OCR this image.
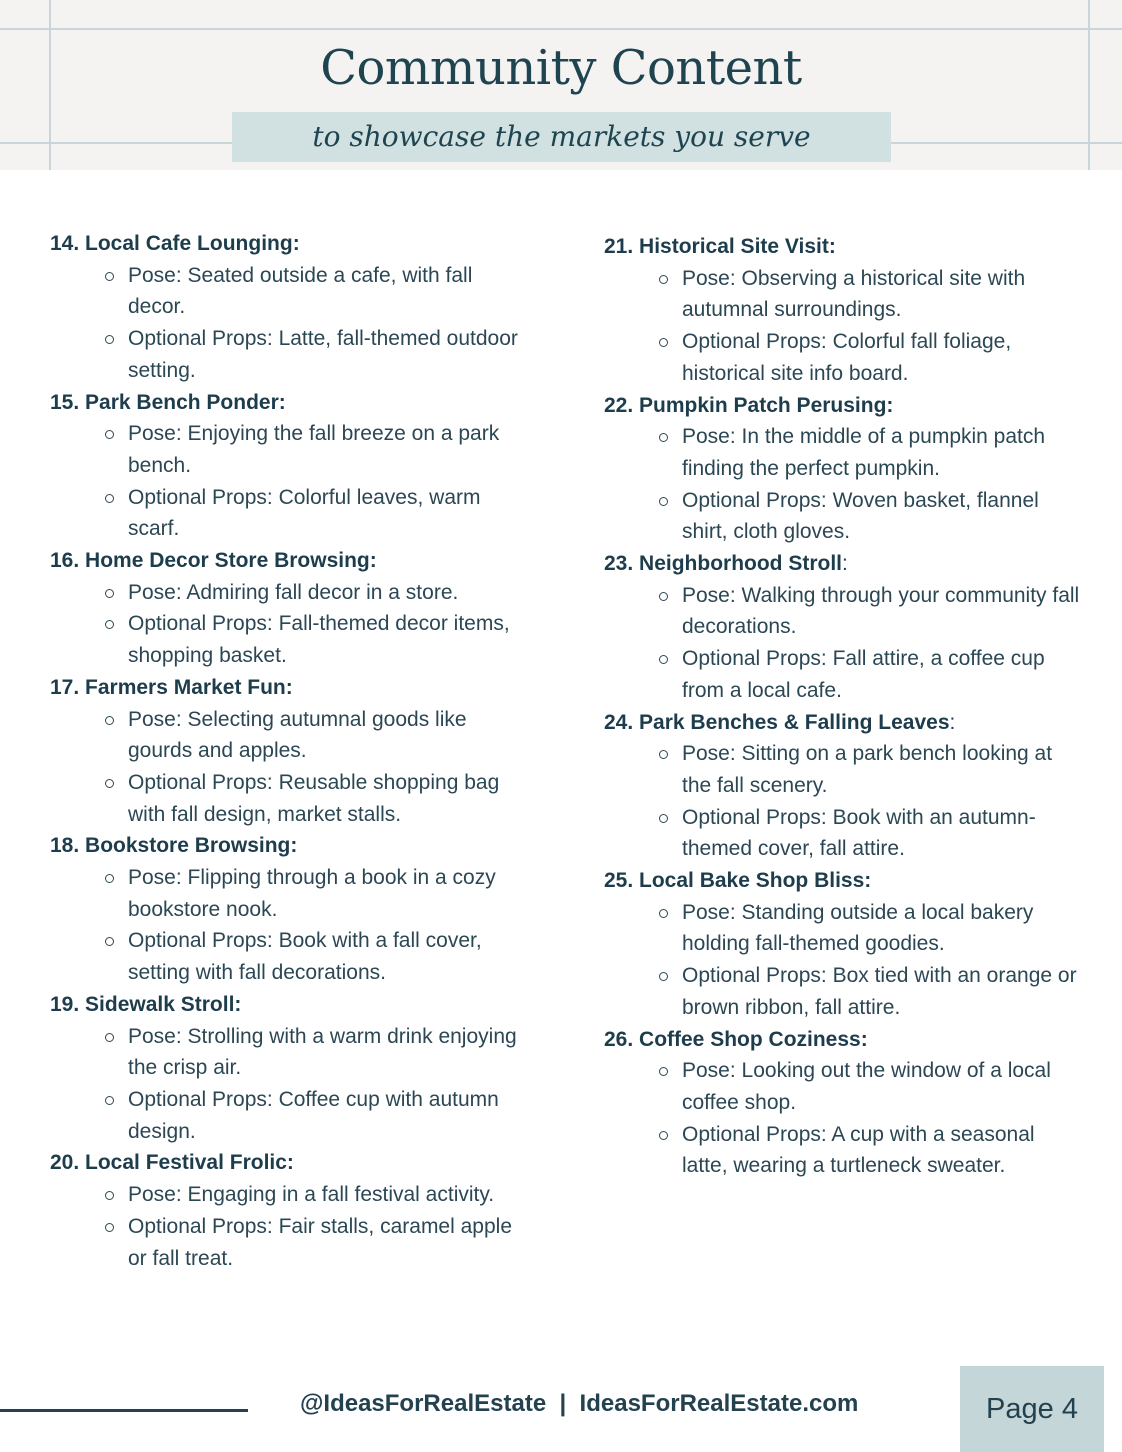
Community Content
to showcase the markets you serve
14. Local Cafe Lounging:
Pose: Seated outside a cafe, with fall decor.
Optional Props: Latte, fall-themed outdoor setting.
15. Park Bench Ponder:
Pose: Enjoying the fall breeze on a park bench.
Optional Props: Colorful leaves, warm scarf.
16. Home Decor Store Browsing:
Pose: Admiring fall decor in a store.
Optional Props: Fall-themed decor items, shopping basket.
17. Farmers Market Fun:
Pose: Selecting autumnal goods like gourds and apples.
Optional Props: Reusable shopping bag with fall design, market stalls.
18. Bookstore Browsing:
Pose: Flipping through a book in a cozy bookstore nook.
Optional Props: Book with a fall cover, setting with fall decorations.
19. Sidewalk Stroll:
Pose: Strolling with a warm drink enjoying the crisp air.
Optional Props: Coffee cup with autumn design.
20. Local Festival Frolic:
Pose: Engaging in a fall festival activity.
Optional Props: Fair stalls, caramel apple or fall treat.
21. Historical Site Visit:
Pose: Observing a historical site with autumnal surroundings.
Optional Props: Colorful fall foliage, historical site info board.
22. Pumpkin Patch Perusing:
Pose: In the middle of a pumpkin patch finding the perfect pumpkin.
Optional Props: Woven basket, flannel shirt, cloth gloves.
23. Neighborhood Stroll:
Pose: Walking through your community fall decorations.
Optional Props: Fall attire, a coffee cup from a local cafe.
24. Park Benches & Falling Leaves:
Pose: Sitting on a park bench looking at the fall scenery.
Optional Props: Book with an autumn-themed cover, fall attire.
25. Local Bake Shop Bliss:
Pose: Standing outside a local bakery holding fall-themed goodies.
Optional Props: Box tied with an orange or brown ribbon, fall attire.
26. Coffee Shop Coziness:
Pose: Looking out the window of a local coffee shop.
Optional Props: A cup with a seasonal latte, wearing a turtleneck sweater.
@IdeasForRealEstate  |  IdeasForRealEstate.com	Page 4
